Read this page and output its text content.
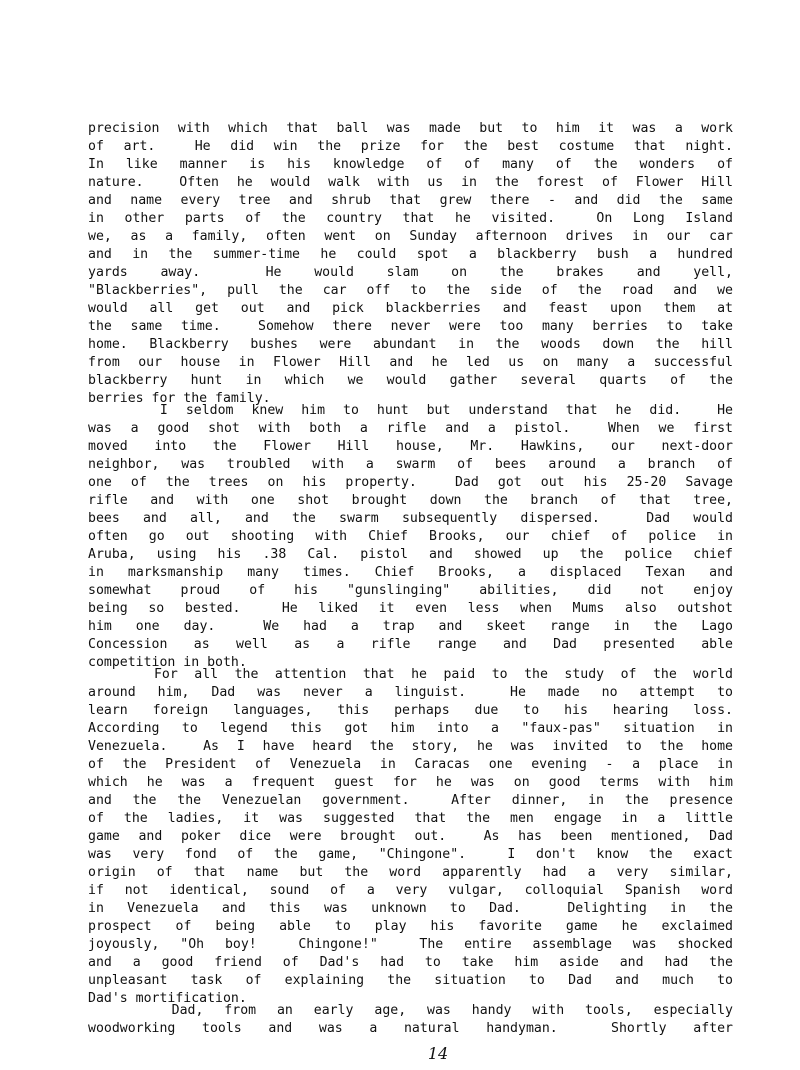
precision with which that ball was made but to him it was a work
of art.  He did win the prize for the best costume that night.
In like manner is his knowledge of of many of the wonders of
nature.  Often he would walk with us in the forest of Flower Hill
and name every tree and shrub that grew there - and did the same
in other parts of the country that he visited.  On Long Island
we, as a family, often went on Sunday afternoon drives in our car
and in the summer-time he could spot a blackberry bush a hundred
yards away.  He would slam on the brakes and yell,
"Blackberries", pull the car off to the side of the road and we
would all get out and pick blackberries and feast upon them at
the same time.  Somehow there never were too many berries to take
home. Blackberry bushes were abundant in the woods down the hill
from our house in Flower Hill and he led us on many a successful
blackberry hunt in which we would gather several quarts of the
berries for the family.
I seldom knew him to hunt but understand that he did.  He
was a good shot with both a rifle and a pistol.  When we first
moved into the Flower Hill house, Mr. Hawkins, our next-door
neighbor, was troubled with a swarm of bees around a branch of
one of the trees on his property.  Dad got out his 25-20 Savage
rifle and with one shot brought down the branch of that tree,
bees and all, and the swarm subsequently dispersed.  Dad would
often go out shooting with Chief Brooks, our chief of police in
Aruba, using his .38 Cal. pistol and showed up the police chief
in marksmanship many times. Chief Brooks, a displaced Texan and
somewhat proud of his "gunslinging" abilities, did not enjoy
being so bested.  He liked it even less when Mums also outshot
him one day.  We had a trap and skeet range in the Lago
Concession as well as a rifle range and Dad presented able
competition in both.
For all the attention that he paid to the study of the world
around him, Dad was never a linguist.  He made no attempt to
learn foreign languages, this perhaps due to his hearing loss.
According to legend this got him into a "faux-pas" situation in
Venezuela.  As I have heard the story, he was invited to the home
of the President of Venezuela in Caracas one evening - a place in
which he was a frequent guest for he was on good terms with him
and the the Venezuelan government.  After dinner, in the presence
of the ladies, it was suggested that the men engage in a little
game and poker dice were brought out.  As has been mentioned, Dad
was very fond of the game, "Chingone".  I don't know the exact
origin of that name but the word apparently had a very similar,
if not identical, sound of a very vulgar, colloquial Spanish word
in Venezuela and this was unknown to Dad.  Delighting in the
prospect of being able to play his favorite game he exclaimed
joyously, "Oh boy!  Chingone!"  The entire assemblage was shocked
and a good friend of Dad's had to take him aside and had the
unpleasant task of explaining the situation to Dad and much to
Dad's mortification.
Dad, from an early age, was handy with tools, especially
woodworking tools and was a natural handyman.  Shortly after
14
